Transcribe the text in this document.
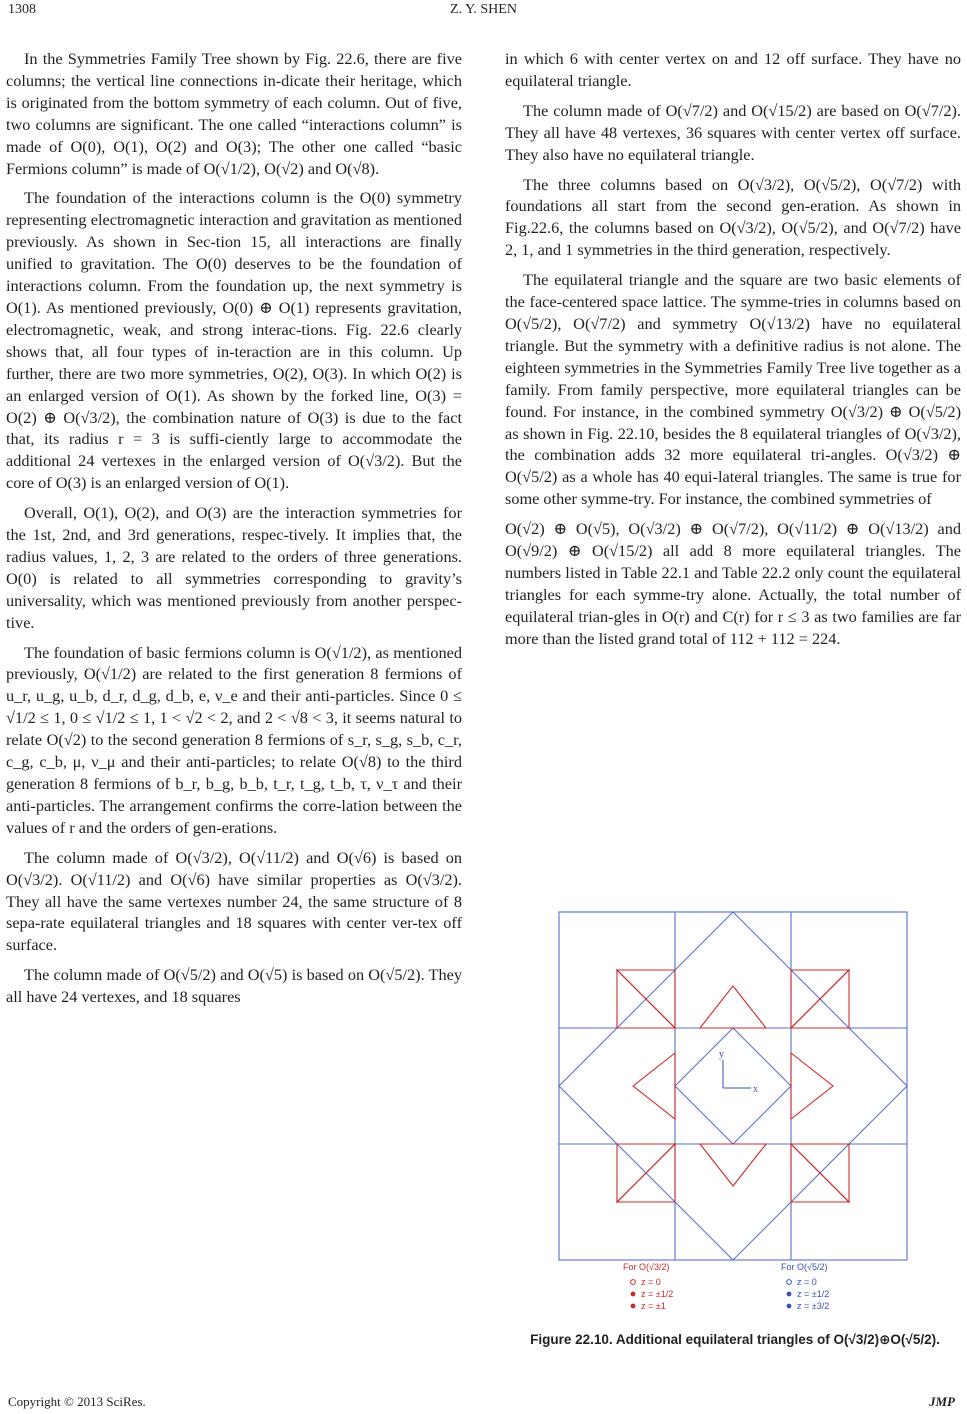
1308	Z. Y. SHEN

In the Symmetries Family Tree shown by Fig. 22.6, there are five columns; the vertical line connections in-dicate their heritage, which is originated from the bottom symmetry of each column. Out of five, two columns are significant. The one called “interactions column” is made of O(0), O(1), O(2) and O(3); The other one called “basic Fermions column” is made of O(√1/2), O(√2) and O(√8).

The foundation of the interactions column is the O(0) symmetry representing electromagnetic interaction and gravitation as mentioned previously. As shown in Sec-tion 15, all interactions are finally unified to gravitation. The O(0) deserves to be the foundation of interactions column. From the foundation up, the next symmetry is O(1). As mentioned previously, O(0) ⊕ O(1) represents gravitation, electromagnetic, weak, and strong interac-tions. Fig. 22.6 clearly shows that, all four types of in-teraction are in this column. Up further, there are two more symmetries, O(2), O(3). In which O(2) is an enlarged version of O(1). As shown by the forked line, O(3) = O(2) ⊕ O(√3/2), the combination nature of O(3) is due to the fact that, its radius r = 3 is suffi-ciently large to accommodate the additional 24 vertexes in the enlarged version of O(√3/2). But the core of O(3) is an enlarged version of O(1).

Overall, O(1), O(2), and O(3) are the interaction symmetries for the 1st, 2nd, and 3rd generations, respec-tively. It implies that, the radius values, 1, 2, 3 are related to the orders of three generations. O(0) is related to all symmetries corresponding to gravity’s universality, which was mentioned previously from another perspec-tive.

The foundation of basic fermions column is O(√1/2), as mentioned previously, O(√1/2) are related to the first generation 8 fermions of u_r, u_g, u_b, d_r, d_g, d_b, e, ν_e and their anti-particles. Since 0 ≤ √1/2 ≤ 1, 0 ≤ √1/2 ≤ 1, 1 < √2 < 2, and 2 < √8 < 3, it seems natural to relate O(√2) to the second generation 8 fermions of s_r, s_g, s_b, c_r, c_g, c_b, μ, ν_μ and their anti-particles; to relate O(√8) to the third generation 8 fermions of b_r, b_g, b_b, t_r, t_g, t_b, τ, ν_τ and their anti-particles. The arrangement confirms the corre-lation between the values of r and the orders of gen-erations.

The column made of O(√3/2), O(√11/2) and O(√6) is based on O(√3/2). O(√11/2) and O(√6) have similar properties as O(√3/2). They all have the same vertexes number 24, the same structure of 8 sepa-rate equilateral triangles and 18 squares with center ver-tex off surface.

The column made of O(√5/2) and O(√5) is based on O(√5/2). They all have 24 vertexes, and 18 squares

in which 6 with center vertex on and 12 off surface. They have no equilateral triangle.

The column made of O(√7/2) and O(√15/2) are based on O(√7/2). They all have 48 vertexes, 36 squares with center vertex off surface. They also have no equilateral triangle.

The three columns based on O(√3/2), O(√5/2), O(√7/2) with foundations all start from the second gen-eration. As shown in Fig.22.6, the columns based on O(√3/2), O(√5/2), and O(√7/2) have 2, 1, and 1 symmetries in the third generation, respectively.

The equilateral triangle and the square are two basic elements of the face-centered space lattice. The symme-tries in columns based on O(√5/2), O(√7/2) and symmetry O(√13/2) have no equilateral triangle. But the symmetry with a definitive radius is not alone. The eighteen symmetries in the Symmetries Family Tree live together as a family. From family perspective, more equilateral triangles can be found. For instance, in the combined symmetry O(√3/2) ⊕ O(√5/2) as shown in Fig. 22.10, besides the 8 equilateral triangles of O(√3/2), the combination adds 32 more equilateral tri-angles. O(√3/2) ⊕ O(√5/2) as a whole has 40 equi-lateral triangles. The same is true for some other symme-try. For instance, the combined symmetries of

O(√2) ⊕ O(√5), O(√3/2) ⊕ O(√7/2), O(√11/2) ⊕ O(√13/2) and O(√9/2) ⊕ O(√15/2) all add 8 more equilateral triangles. The numbers listed in Table 22.1 and Table 22.2 only count the equilateral triangles for each symme-try alone. Actually, the total number of equilateral trian-gles in O(r) and C(r) for r ≤ 3 as two families are far more than the listed grand total of 112 + 112 = 224.

x
y
For O(√3/2)
z = 0
z = ±1/2
z = ±1
For O(√5/2)
z = 0
z = ±1/2
z = ±3/2
Figure 22.10. Additional equilateral triangles of O(√3/2)⊕O(√5/2).
Copyright © 2013 SciRes.	JMP
